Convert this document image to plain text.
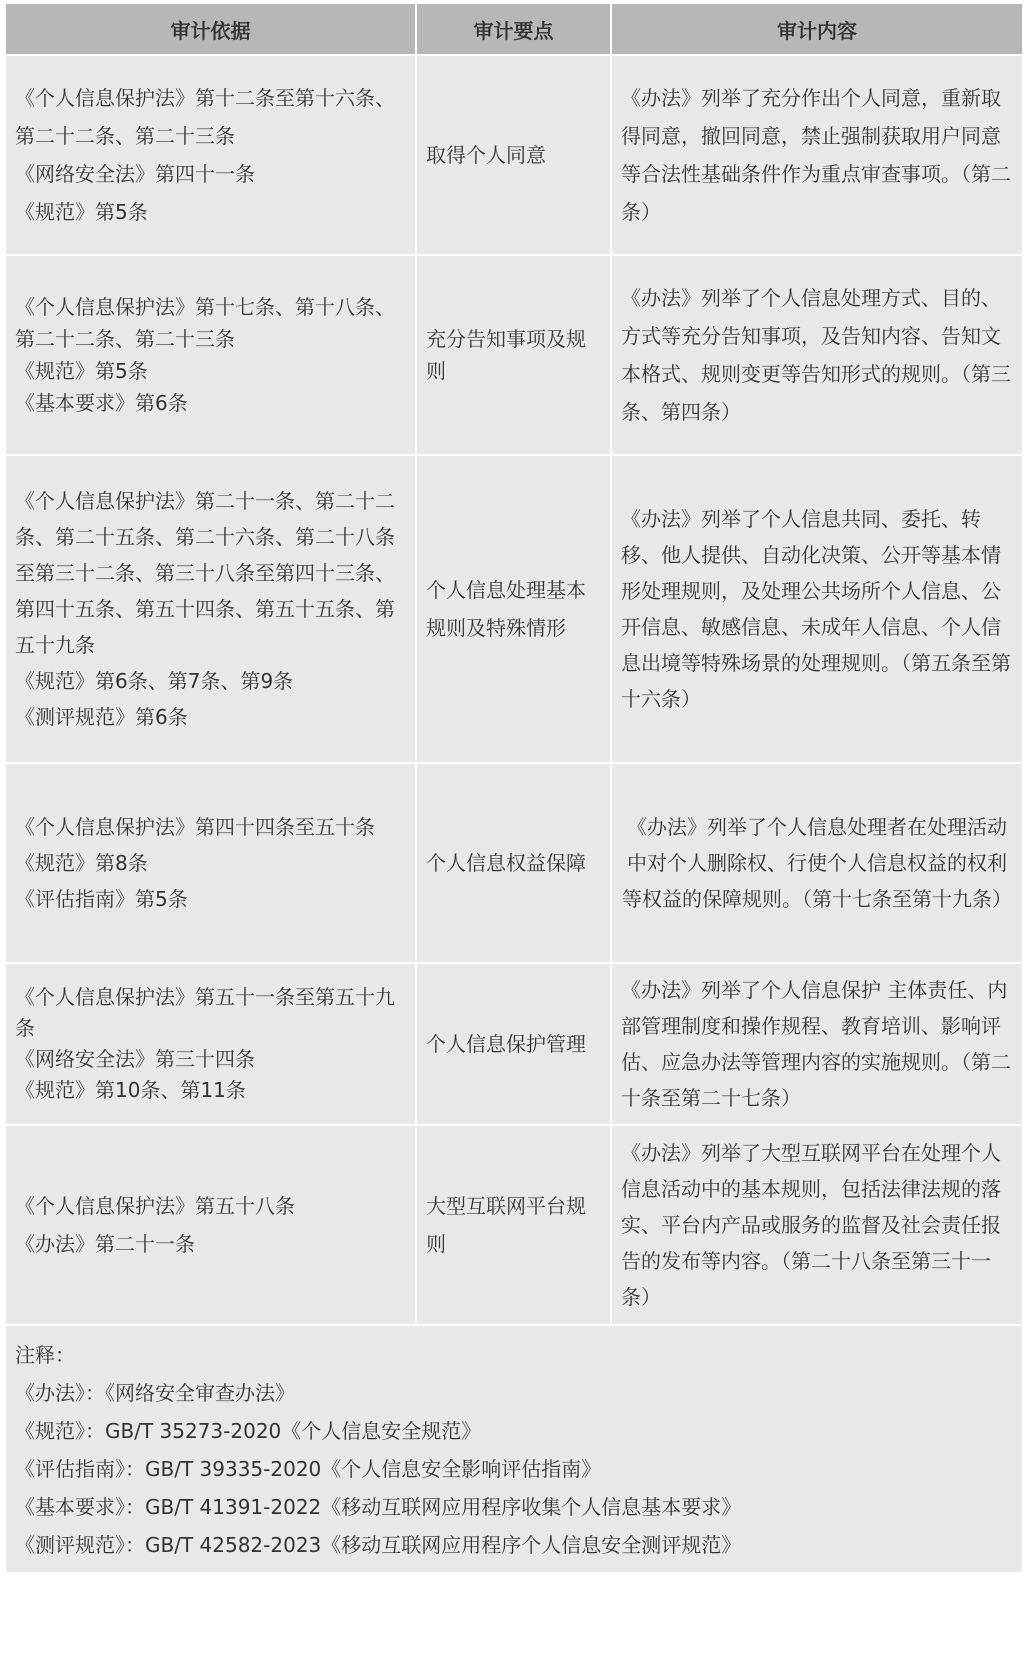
审计依据	审计要点	审计内容

《个人信息保护法》第十二条至第十六条、第二十二条、第二十三条
《网络安全法》第四十一条
《规范》第5条	取得个人同意	《办法》列举了充分作出个人同意，重新取得同意，撤回同意，禁止强制获取用户同意等合法性基础条件作为重点审查事项。（第二条）

《个人信息保护法》第十七条、第十八条、第二十二条、第二十三条
《规范》第5条
《基本要求》第6条	充分告知事项及规则	《办法》列举了个人信息处理方式、目的、方式等充分告知事项，及告知内容、告知文本格式、规则变更等告知形式的规则。（第三条、第四条）

《个人信息保护法》第二十一条、第二十二条、第二十五条、第二十六条、第二十八条至第三十二条、第三十八条至第四十三条、第四十五条、第五十四条、第五十五条、第五十九条
《规范》第6条、第7条、第9条
《测评规范》第6条	个人信息处理基本规则及特殊情形	《办法》列举了个人信息共同、委托、转移、他人提供、自动化决策、公开等基本情形处理规则，及处理公共场所个人信息、公开信息、敏感信息、未成年人信息、个人信息出境等特殊场景的处理规则。（第五条至第十六条）

《个人信息保护法》第四十四条至五十条
《规范》第8条
《评估指南》第5条	个人信息权益保障	《办法》列举了个人信息处理者在处理活动中对个人删除权、行使个人信息权益的权利等权益的保障规则。（第十七条至第十九条）

《个人信息保护法》第五十一条至第五十九条
《网络安全法》第三十四条
《规范》第10条、第11条	个人信息保护管理	《办法》列举了个人信息保护 主体责任、内部管理制度和操作规程、教育培训、影响评估、应急办法等管理内容的实施规则。（第二十条至第二十七条）

《个人信息保护法》第五十八条
《办法》第二十一条	大型互联网平台规则	《办法》列举了大型互联网平台在处理个人信息活动中的基本规则，包括法律法规的落实、平台内产品或服务的监督及社会责任报告的发布等内容。（第二十八条至第三十一条）
注释：
《办法》：《网络安全审查办法》
《规范》：GB/T 35273-2020《个人信息安全规范》
《评估指南》：GB/T 39335-2020《个人信息安全影响评估指南》
《基本要求》：GB/T 41391-2022《移动互联网应用程序收集个人信息基本要求》
《测评规范》：GB/T 42582-2023《移动互联网应用程序个人信息安全测评规范》
